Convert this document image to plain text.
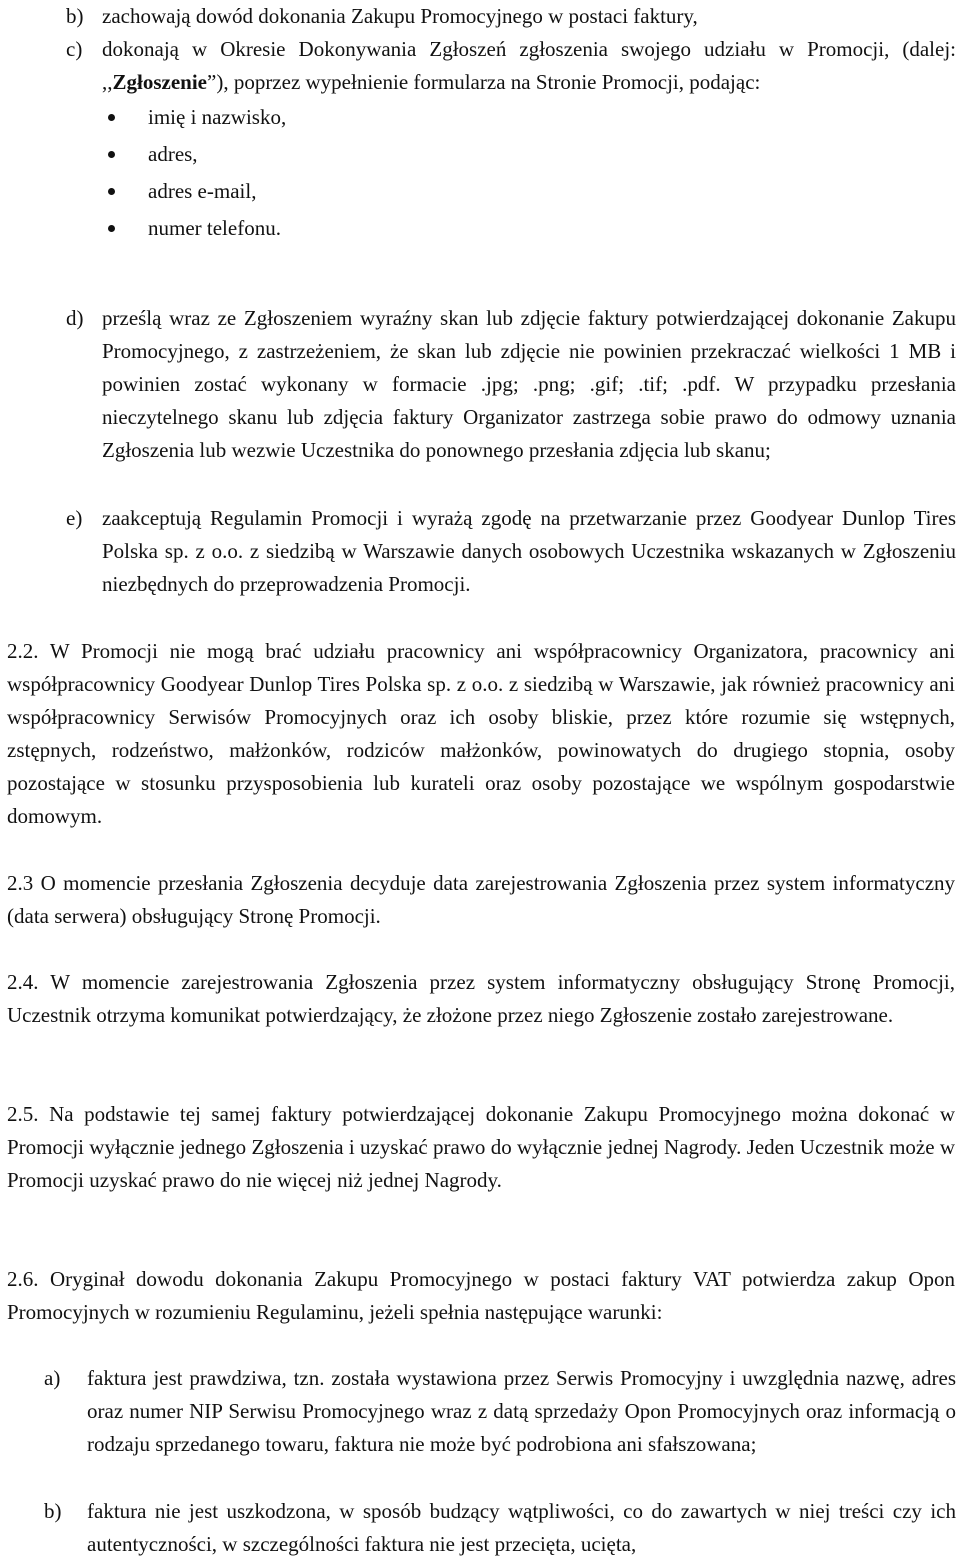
b) zachowają dowód dokonania Zakupu Promocyjnego w postaci faktury,
c) dokonają w Okresie Dokonywania Zgłoszeń zgłoszenia swojego udziału w Promocji, (dalej: ,,Zgłoszenie”), poprzez wypełnienie formularza na Stronie Promocji, podając:
imię i nazwisko,
adres,
adres e-mail,
numer telefonu.
d) prześlą wraz ze Zgłoszeniem wyraźny skan lub zdjęcie faktury potwierdzającej dokonanie Zakupu Promocyjnego, z zastrzeżeniem, że skan lub zdjęcie nie powinien przekraczać wielkości 1 MB i powinien zostać wykonany w formacie .jpg; .png; .gif; .tif; .pdf. W przypadku przesłania nieczytelnego skanu lub zdjęcia faktury Organizator zastrzega sobie prawo do odmowy uznania Zgłoszenia lub wezwie Uczestnika do ponownego przesłania zdjęcia lub skanu;
e) zaakceptują Regulamin Promocji i wyrażą zgodę na przetwarzanie przez Goodyear Dunlop Tires Polska sp. z o.o. z siedzibą w Warszawie danych osobowych Uczestnika wskazanych w Zgłoszeniu niezbędnych do przeprowadzenia Promocji.
2.2. W Promocji nie mogą brać udziału pracownicy ani współpracownicy Organizatora, pracownicy ani współpracownicy Goodyear Dunlop Tires Polska sp. z o.o. z siedzibą w Warszawie, jak również pracownicy ani współpracownicy Serwisów Promocyjnych oraz ich osoby bliskie, przez które rozumie się wstępnych, zstępnych, rodzeństwo, małżonków, rodziców małżonków, powinowatych do drugiego stopnia, osoby pozostające w stosunku przysposobienia lub kurateli oraz osoby pozostające we wspólnym gospodarstwie domowym.
2.3 O momencie przesłania Zgłoszenia decyduje data zarejestrowania Zgłoszenia przez system informatyczny (data serwera) obsługujący Stronę Promocji.
2.4. W momencie zarejestrowania Zgłoszenia przez system informatyczny obsługujący Stronę Promocji, Uczestnik otrzyma komunikat potwierdzający, że złożone przez niego Zgłoszenie zostało zarejestrowane.
2.5. Na podstawie tej samej faktury potwierdzającej dokonanie Zakupu Promocyjnego można dokonać w Promocji wyłącznie jednego Zgłoszenia i uzyskać prawo do wyłącznie jednej Nagrody. Jeden Uczestnik może w Promocji uzyskać prawo do nie więcej niż jednej Nagrody.
2.6. Oryginał dowodu dokonania Zakupu Promocyjnego w postaci faktury VAT potwierdza zakup Opon Promocyjnych w rozumieniu Regulaminu, jeżeli spełnia następujące warunki:
a)	faktura jest prawdziwa, tzn. została wystawiona przez Serwis Promocyjny i uwzględnia nazwę, adres oraz numer NIP Serwisu Promocyjnego wraz z datą sprzedaży Opon Promocyjnych oraz informacją o rodzaju sprzedanego towaru, faktura nie może być podrobiona ani sfałszowana;
b)	faktura nie jest uszkodzona, w sposób budzący wątpliwości, co do zawartych w niej treści czy ich autentyczności, w szczególności faktura nie jest przecięta, ucięta,
